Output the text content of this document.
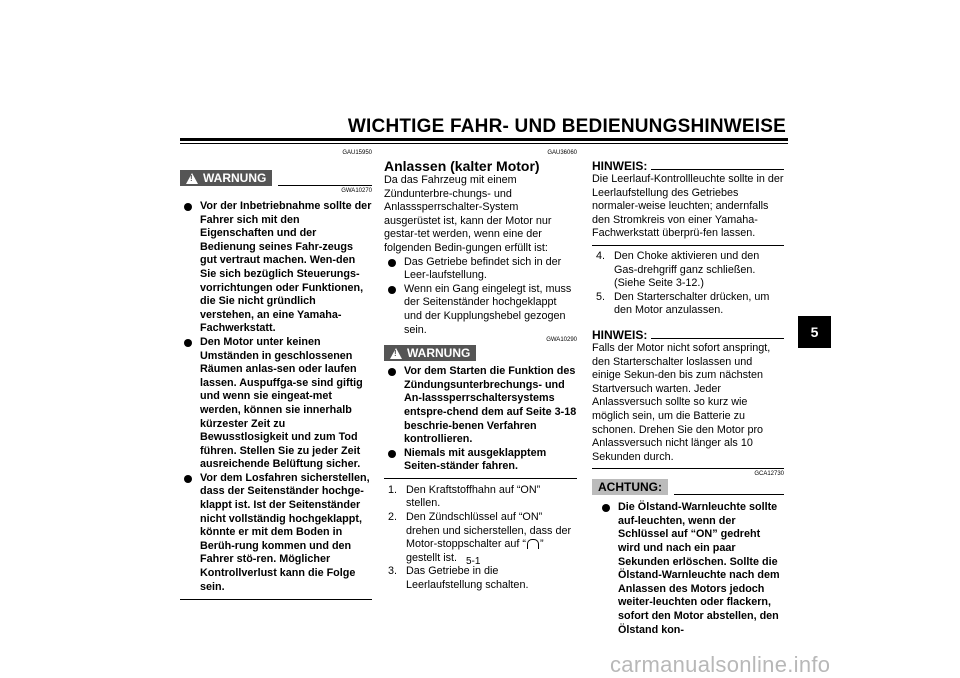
WICHTIGE FAHR- UND BEDIENUNGSHINWEISE
5
GAU15950
! WARNUNG
GWA10270
Vor der Inbetriebnahme sollte der Fahrer sich mit den Eigenschaften und der Bedienung seines Fahr-zeugs gut vertraut machen. Wen-den Sie sich bezüglich Steuerungs-vorrichtungen oder Funktionen, die Sie nicht gründlich verstehen, an eine Yamaha-Fachwerkstatt.
Den Motor unter keinen Umständen in geschlossenen Räumen anlas-sen oder laufen lassen. Auspuffga-se sind giftig und wenn sie eingeat-met werden, können sie innerhalb kürzester Zeit zu Bewusstlosigkeit und zum Tod führen. Stellen Sie zu jeder Zeit ausreichende Belüftung sicher.
Vor dem Losfahren sicherstellen, dass der Seitenständer hochge-klappt ist. Ist der Seitenständer nicht vollständig hochgeklappt, könnte er mit dem Boden in Berüh-rung kommen und den Fahrer stö-ren. Möglicher Kontrollverlust kann die Folge sein.
GAU36060
Anlassen (kalter Motor)
Da das Fahrzeug mit einem Zündunterbre-chungs- und Anlasssperrschalter-System ausgerüstet ist, kann der Motor nur gestar-tet werden, wenn eine der folgenden Bedin-gungen erfüllt ist:
Das Getriebe befindet sich in der Leer-laufstellung.
Wenn ein Gang eingelegt ist, muss der Seitenständer hochgeklappt und der Kupplungshebel gezogen sein.
GWA10290
! WARNUNG
Vor dem Starten die Funktion des Zündungsunterbrechungs- und An-lasssperrschaltersystems entspre-chend dem auf Seite 3-18 beschrie-benen Verfahren kontrollieren.
Niemals mit ausgeklapptem Seiten-ständer fahren.
1. Den Kraftstoffhahn auf “ON” stellen.
2. Den Zündschlüssel auf “ON” drehen und sicherstellen, dass der Motor-stoppschalter auf “ ” gestellt ist.
3. Das Getriebe in die Leerlaufstellung schalten.
HINWEIS:
Die Leerlauf-Kontrollleuchte sollte in der Leerlaufstellung des Getriebes normaler-weise leuchten; andernfalls den Stromkreis von einer Yamaha-Fachwerkstatt überprü-fen lassen.
4. Den Choke aktivieren und den Gas-drehgriff ganz schließen. (Siehe Seite 3-12.)
5. Den Starterschalter drücken, um den Motor anzulassen.
HINWEIS:
Falls der Motor nicht sofort anspringt, den Starterschalter loslassen und einige Sekun-den bis zum nächsten Startversuch warten. Jeder Anlassversuch sollte so kurz wie möglich sein, um die Batterie zu schonen. Drehen Sie den Motor pro Anlassversuch nicht länger als 10 Sekunden durch.
GCA12730
ACHTUNG:
Die Ölstand-Warnleuchte sollte auf-leuchten, wenn der Schlüssel auf “ON” gedreht wird und nach ein paar Sekunden erlöschen. Sollte die Ölstand-Warnleuchte nach dem Anlassen des Motors jedoch weiter-leuchten oder flackern, sofort den Motor abstellen, den Ölstand kon-
5-1
carmanualsonline.info
